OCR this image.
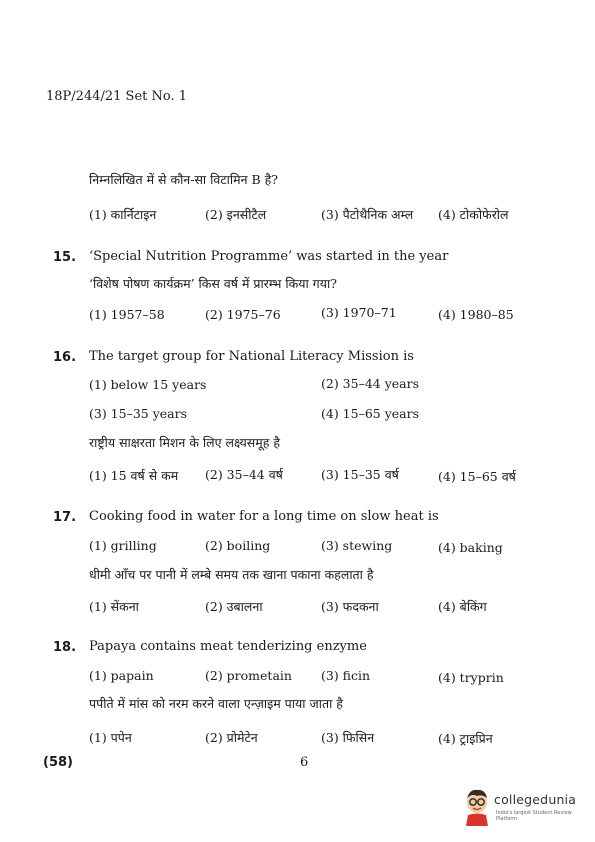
18P/244/21 Set No. 1
निम्नलिखित में से कौन-सा विटामिन B है?
(1) कार्निटाइन	(2) इनसीटैल	(3) पैटोथैनिक अम्ल (4) टोकोफेरोल
15. ‘Special Nutrition Programme’ was started in the year
‘विशेष पोषण कार्यक्रम’ किस वर्ष में प्रारम्भ किया गया?
(1) 1957–58	(2) 1975–76	(3) 1970–71	(4) 1980–85
16. The target group for National Literacy Mission is
(1) below 15 years	(2) 35–44 years
(3) 15–35 years	(4) 15–65 years
राष्ट्रीय साक्षरता मिशन के लिए लक्ष्यसमूह है
(1) 15 वर्ष से कम (2) 35–44 वर्ष	(3) 15–35 वर्ष	(4) 15–65 वर्ष
17. Cooking food in water for a long time on slow heat is
(1) grilling	(2) boiling	(3) stewing	(4) baking
धीमी आँच पर पानी में लम्बे समय तक खाना पकाना कहलाता है
(1) सेंकना	(2) उबालना	(3) फदकना	(4) बेकिंग
18. Papaya contains meat tenderizing enzyme
(1) papain	(2) prometain (3) ficin	(4) tryprin
पपीते में मांस को नरम करने वाला एन्ज़ाइम पाया जाता है
(1) पपेन	(2) प्रोमेटेन	(3) फिसिन	(4) ट्राइप्रिन
(58)	6
collegedunia
India's largest Student Review Platform
